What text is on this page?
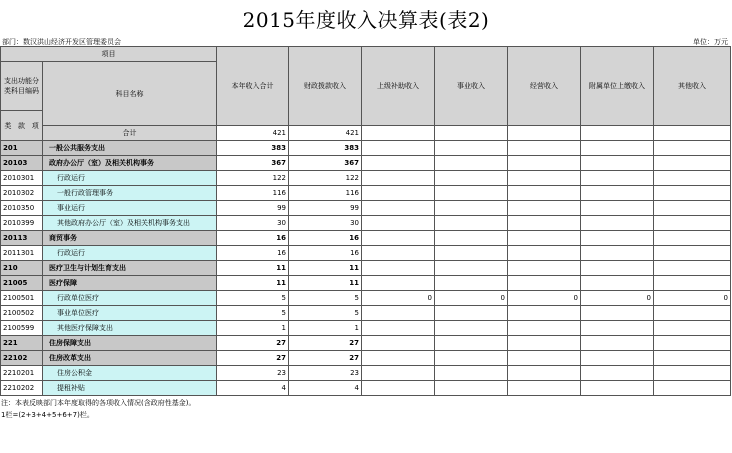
2015年度收入决算表(表2)
部门：数汉洪山经济开发区管理委员会	单位：万元
项目		本年收入合计	财政拨款收入	上级补助收入	事业收入	经营收入	附属单位上缴收入	其他收入	
支出功能分类科目编码	科目名称								
类 款 项								
	合计	421	421						
201	一般公共服务支出	383	383						
20103	政府办公厅（室）及相关机构事务	367	367						
2010301	行政运行	122	122						
2010302	一般行政管理事务	116	116						
2010350	事业运行	99	99						
2010399	其他政府办公厅（室）及相关机构事务支出	30	30						
20113	商贸事务	16	16						
2011301	行政运行	16	16						
210	医疗卫生与计划生育支出	11	11						
21005	医疗保障	11	11						
2100501	行政单位医疗	5	5	0	0	0	0	0	
2100502	事业单位医疗	5	5						
2100599	其他医疗保障支出	1	1						
221	住房保障支出	27	27						
22102	住房改革支出	27	27						
2210201	住房公积金	23	23						
2210202	提租补贴	4	4						
注：本表反映部门本年度取得的各项收入情况(含政府性基金)。
1栏=(2+3+4+5+6+7)栏。
